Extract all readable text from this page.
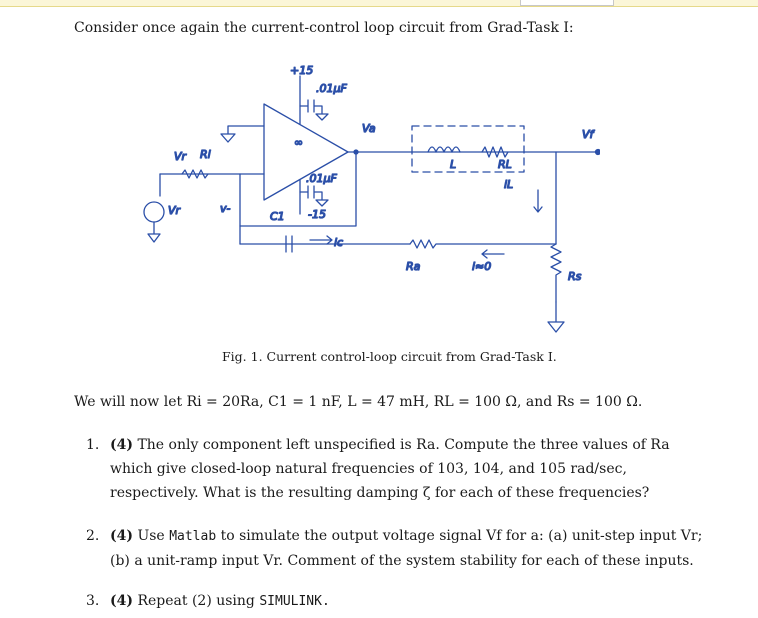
Consider once again the current-control loop circuit from Grad-Task I:
Vr Ri
Vr	v-
+15
.01µF
∞
Va	Vf
.01µF
-15
C1
ic
L	RL
iL
Ra	i≈0
Rs
Fig. 1. Current control-loop circuit from Grad-Task I.
We will now let Ri = 20Ra, C1 = 1 nF, L = 47 mH, RL = 100 Ω, and Rs = 100 Ω.
1. (4) The only component left unspecified is Ra. Compute the three values of Ra which give closed-loop natural frequencies of 103, 104, and 105 rad/sec, respectively. What is the resulting damping ζ for each of these frequencies?
2. (4) Use Matlab to simulate the output voltage signal Vf for a: (a) unit-step input Vr; (b) a unit-ramp input Vr. Comment of the system stability for each of these inputs.
3. (4) Repeat (2) using SIMULINK.
